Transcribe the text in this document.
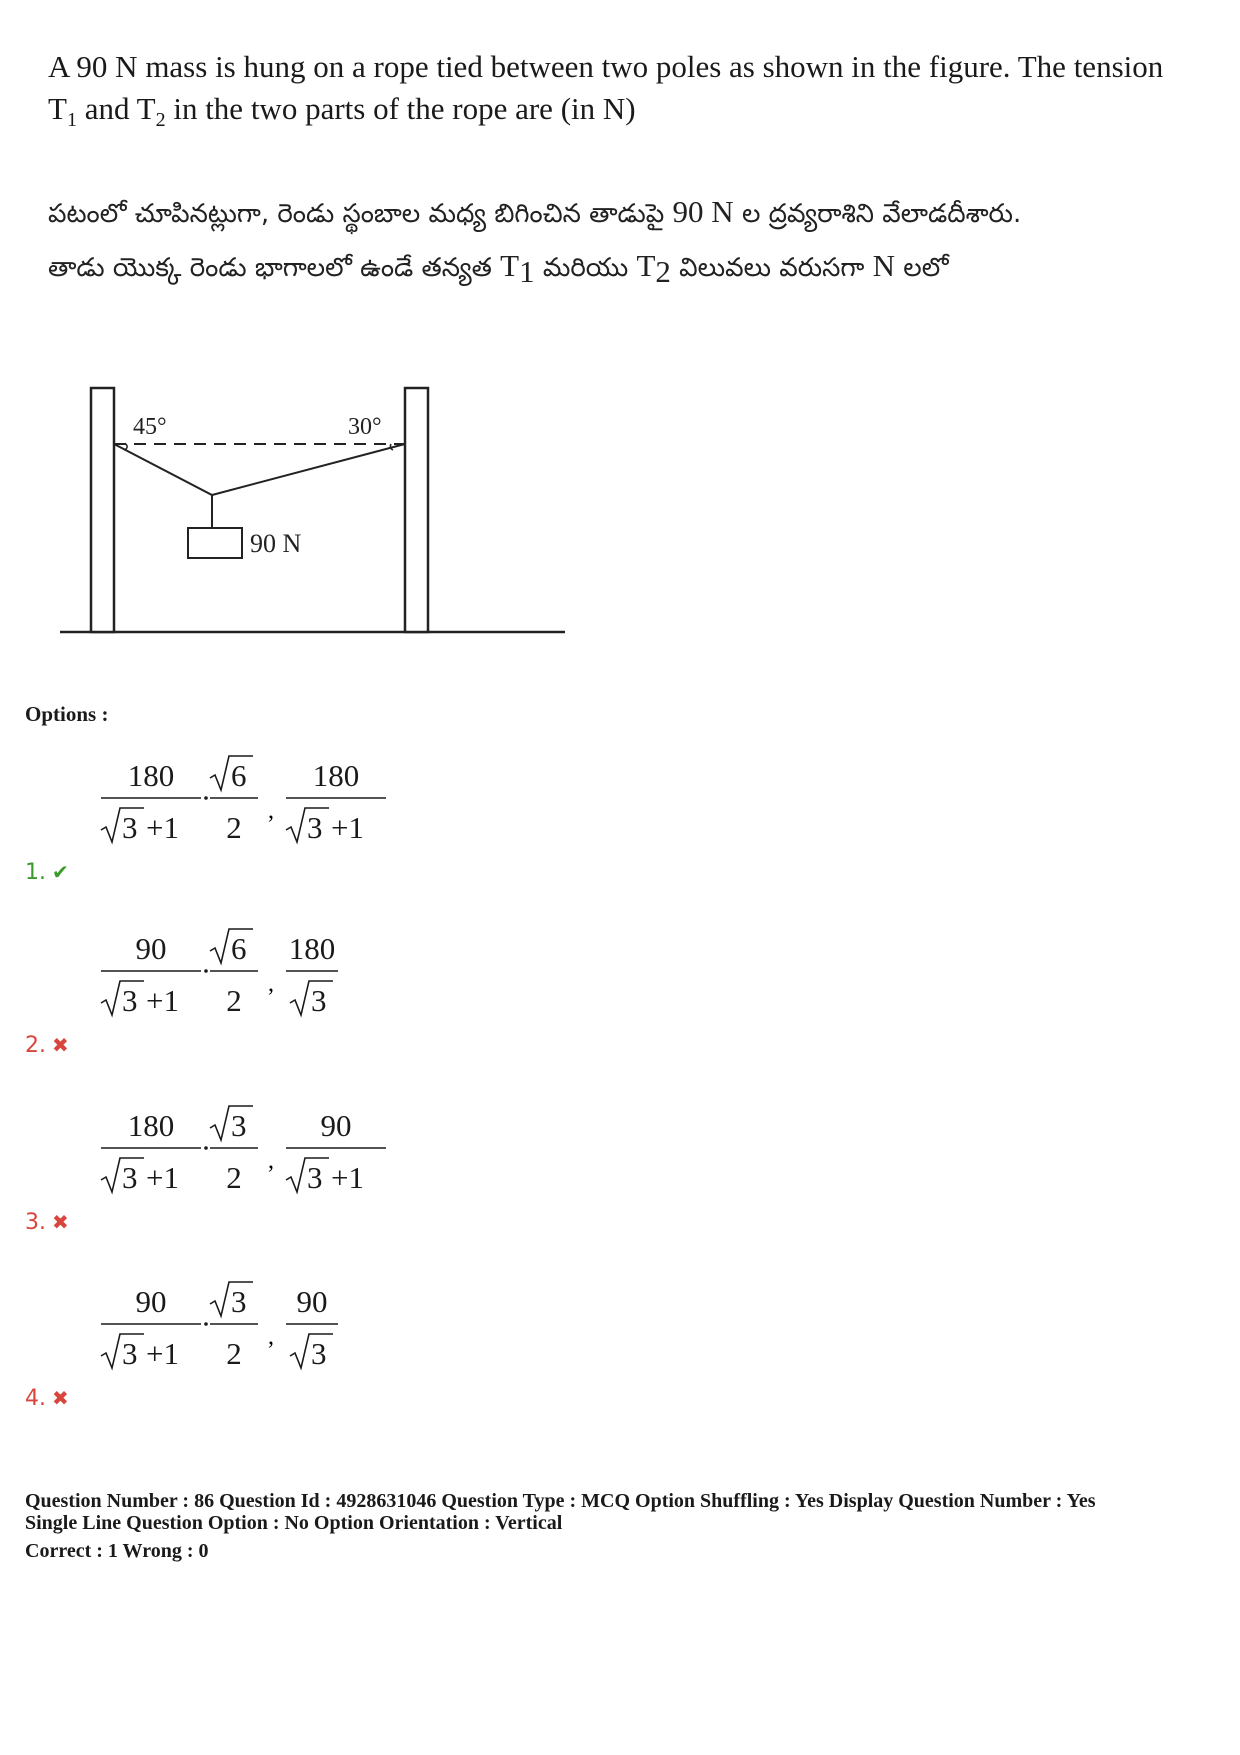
A 90 N mass is hung on a rope tied between two poles as shown in the figure. The tension $T_1$ and $T_2$ in the two parts of the rope are (in N)
పటంలో చూపినట్లుగా, రెండు స్థంబాల మధ్య బిగించిన తాడుపై 90 N ల ద్రవ్యరాశిని వేలాడదీశారు.
తాడు యొక్క రెండు భాగాలలో ఉండే తన్యత $T_1$ మరియు $T_2$ విలువలు వరుసగా N లలో
45°	30°
90 N
Options :
180
3 +1
6
2 ,
180
3 +1
1. ✔
90
3 +1
6
2 ,
180
3
2. ✖
180
3 +1
3
2 ,
90
3 +1
3. ✖
90
3 +1
3
2 ,
90
3
4. ✖
Question Number : 86 Question Id : 4928631046 Question Type : MCQ Option Shuffling : Yes Display Question Number : Yes
Single Line Question Option : No Option Orientation : Vertical
Correct : 1 Wrong : 0
